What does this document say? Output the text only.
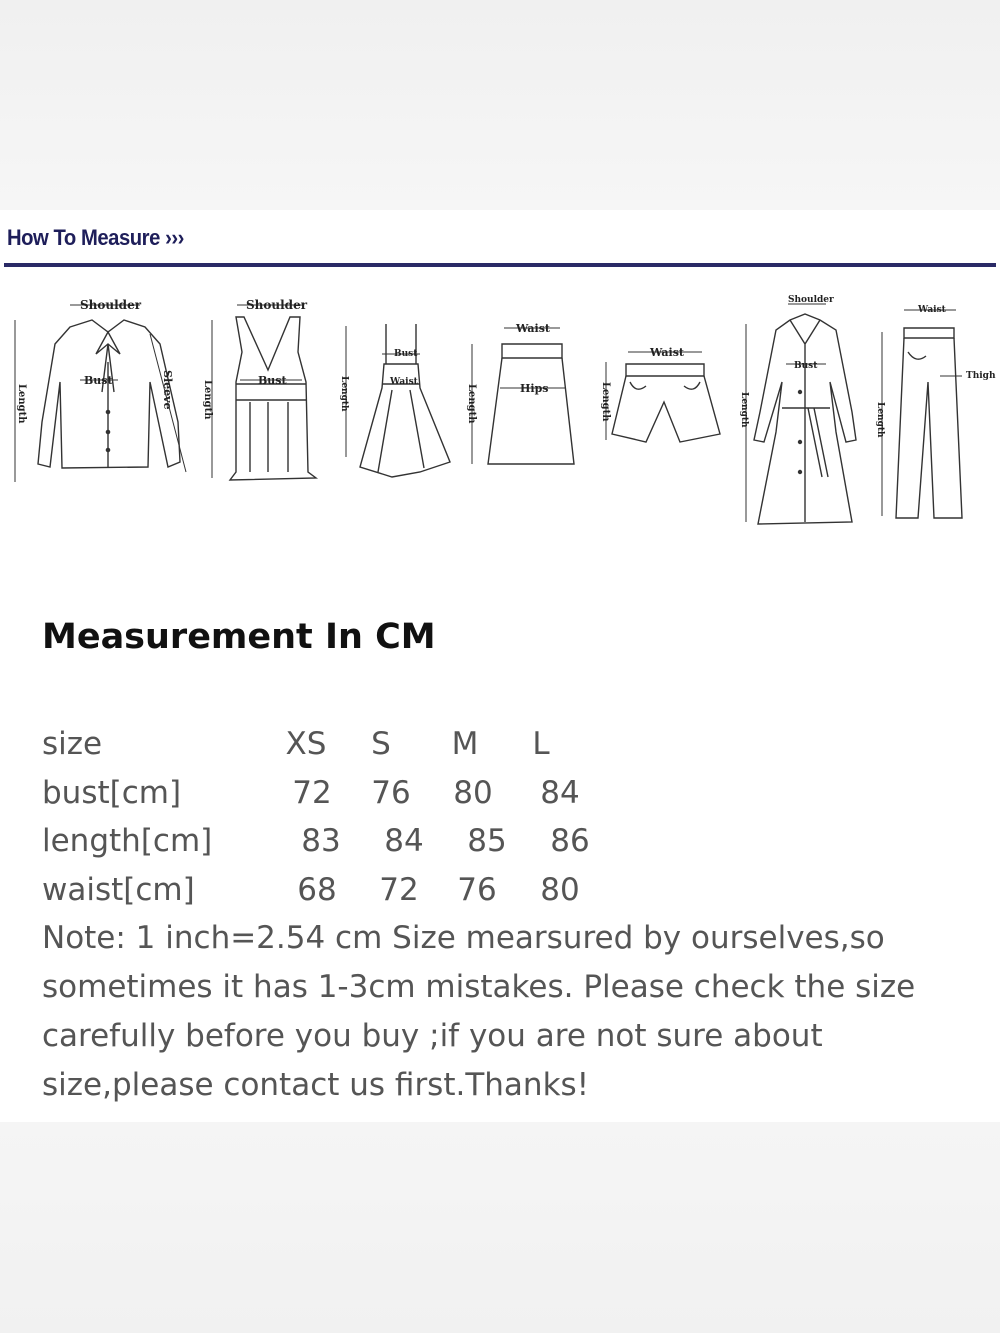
How To Measure ›››
Shoulder
Bust
Length	Sleeve
Shoulder
Bust
Length
Bust
Waist
Length
Waist
Hips
Length
Waist
Length
Shoulder
Bust
Length
Waist
Thigh
Length
Measurement In CM
size	XS	S	M	L
bust[cm]	72	76	80	84
length[cm]	83	84	85	86
waist[cm]	68	72	76	80
Note: 1 inch=2.54 cm Size mearsured by ourselves,so sometimes it has 1-3cm mistakes. Please check the size carefully before you buy ;if you are not sure about size,please contact us first.Thanks!
